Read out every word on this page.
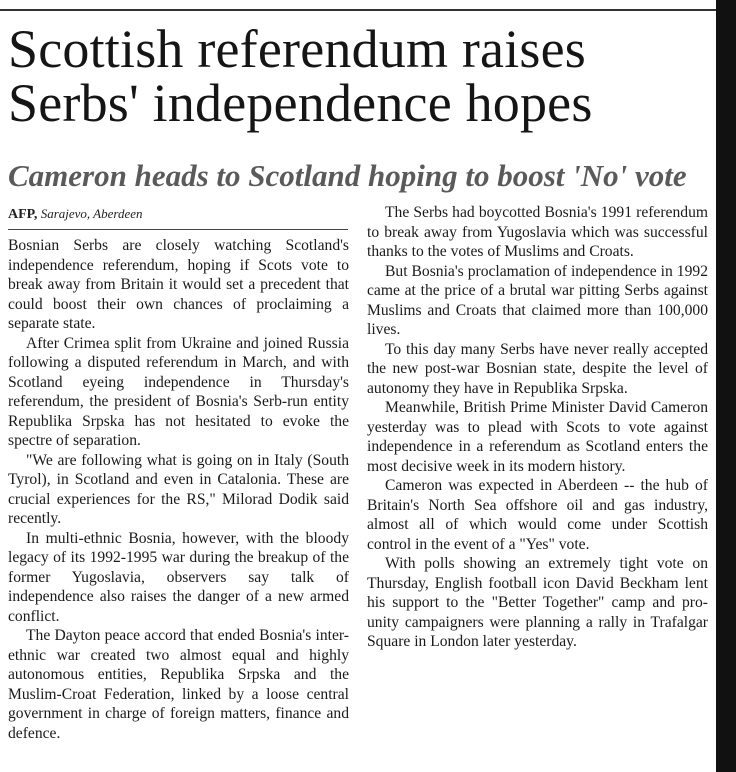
Scottish referendum raises Serbs' independence hopes
Cameron heads to Scotland hoping to boost 'No' vote
AFP, Sarajevo, Aberdeen

Bosnian Serbs are closely watching Scotland's independence referendum, hoping if Scots vote to break away from Britain it would set a precedent that could boost their own chances of proclaiming a separate state.

After Crimea split from Ukraine and joined Russia following a disputed referendum in March, and with Scotland eyeing independence in Thursday's referendum, the president of Bosnia's Serb-run entity Republika Srpska has not hesitated to evoke the spectre of separation.

"We are following what is going on in Italy (South Tyrol), in Scotland and even in Catalonia. These are crucial experiences for the RS," Milorad Dodik said recently.

In multi-ethnic Bosnia, however, with the bloody legacy of its 1992-1995 war during the breakup of the former Yugoslavia, observers say talk of independence also raises the danger of a new armed conflict.

The Dayton peace accord that ended Bosnia's inter-ethnic war created two almost equal and highly autonomous entities, Republika Srpska and the Muslim-Croat Federation, linked by a loose central government in charge of foreign matters, finance and defence.

The Serbs had boycotted Bosnia's 1991 referendum to break away from Yugoslavia which was successful thanks to the votes of Muslims and Croats.

But Bosnia's proclamation of independence in 1992 came at the price of a brutal war pitting Serbs against Muslims and Croats that claimed more than 100,000 lives.

To this day many Serbs have never really accepted the new post-war Bosnian state, despite the level of autonomy they have in Republika Srpska.

Meanwhile, British Prime Minister David Cameron yesterday was to plead with Scots to vote against independence in a referendum as Scotland enters the most decisive week in its modern history.

Cameron was expected in Aberdeen -- the hub of Britain's North Sea offshore oil and gas industry, almost all of which would come under Scottish control in the event of a "Yes" vote.

With polls showing an extremely tight vote on Thursday, English football icon David Beckham lent his support to the "Better Together" camp and pro-unity campaigners were planning a rally in Trafalgar Square in London later yesterday.
